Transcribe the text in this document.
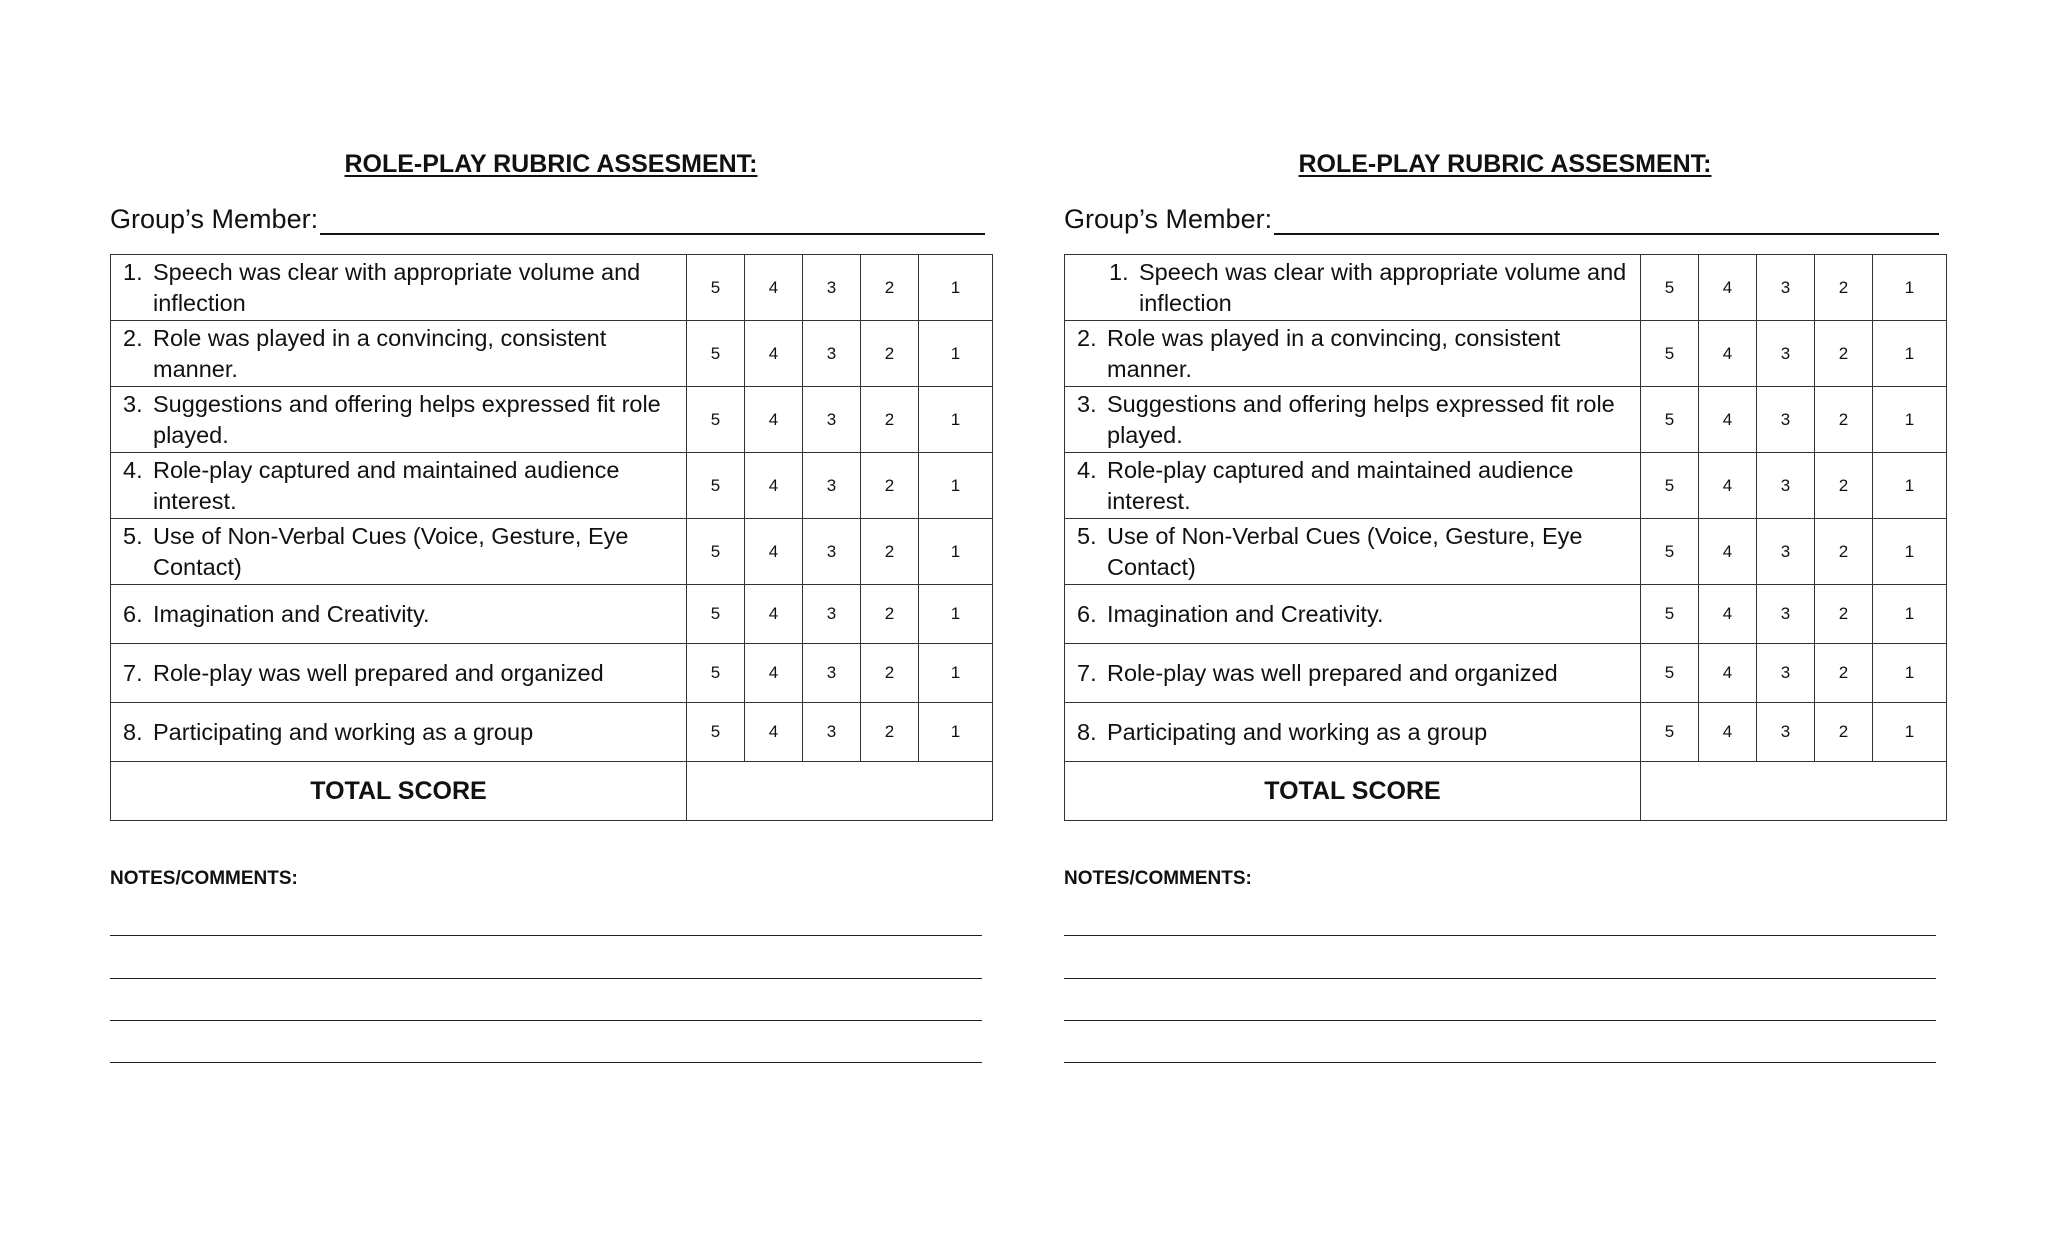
ROLE-PLAY RUBRIC ASSESMENT:
Group’s Member:
1. Speech was clear with appropriate volume and inflection	5	4	3	2	1

2. Role was played in a convincing, consistent manner.	5	4	3	2	1

3. Suggestions and offering helps expressed fit role played.	5	4	3	2	1

4. Role-play captured and maintained audience interest.	5	4	3	2	1

5. Use of Non-Verbal Cues (Voice, Gesture, Eye Contact)	5	4	3	2	1

6. Imagination and Creativity.	5	4	3	2	1

7. Role-play was well prepared and organized	5	4	3	2	1

8. Participating and working as a group	5	4	3	2	1
TOTAL SCORE					
NOTES/COMMENTS:
ROLE-PLAY RUBRIC ASSESMENT:
Group’s Member:
1. Speech was clear with appropriate volume and inflection	5	4	3	2	1

2. Role was played in a convincing, consistent manner.	5	4	3	2	1

3. Suggestions and offering helps expressed fit role played.	5	4	3	2	1

4. Role-play captured and maintained audience interest.	5	4	3	2	1

5. Use of Non-Verbal Cues (Voice, Gesture, Eye Contact)	5	4	3	2	1

6. Imagination and Creativity.	5	4	3	2	1

7. Role-play was well prepared and organized	5	4	3	2	1

8. Participating and working as a group	5	4	3	2	1
TOTAL SCORE					
NOTES/COMMENTS:
